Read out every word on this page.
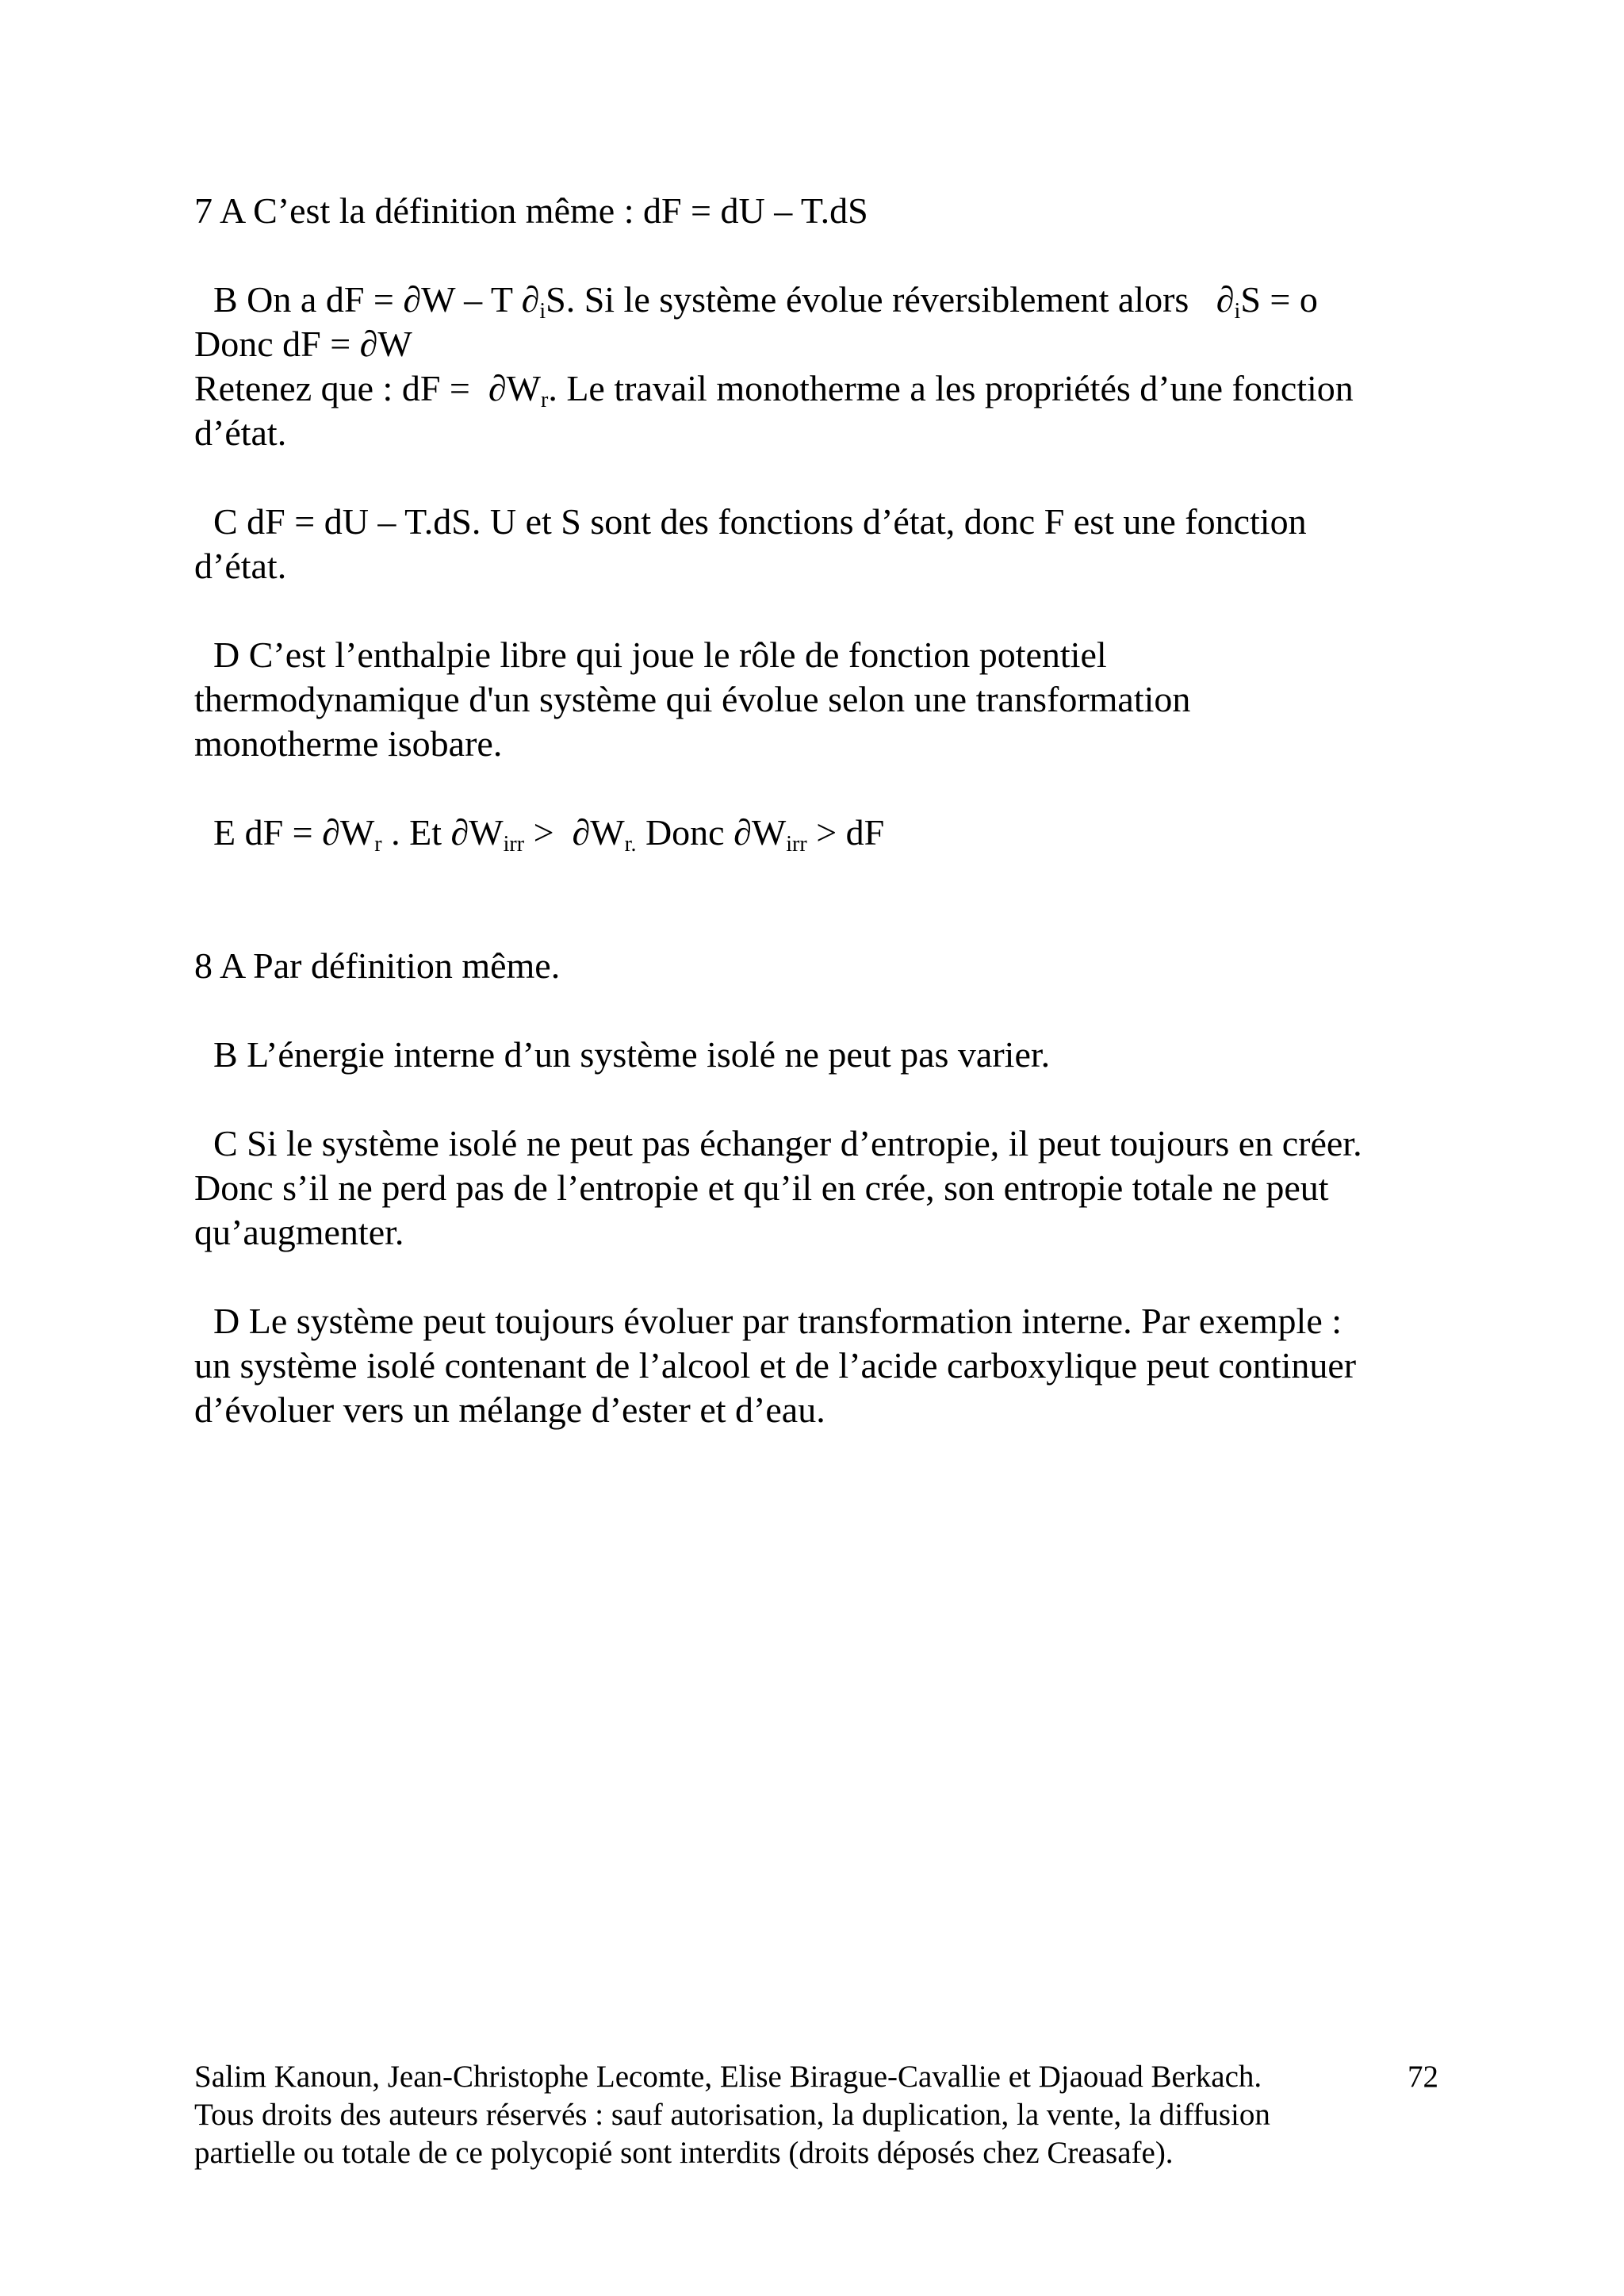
7 A C’est la définition même : dF = dU – T.dS

B On a dF = ∂W – T $\partial_iS$. Si le système évolue réversiblement alors   $\partial_iS = o$
Donc dF = ∂W
Retenez que : dF =  $\partial W_r$. Le travail monotherme a les propriétés d’une fonction
d’état.
C dF = dU – T.dS. U et S sont des fonctions d’état, donc F est une fonction
d’état.
D C’est l’enthalpie libre qui joue le rôle de fonction potentiel
thermodynamique d'un système qui évolue selon une transformation
monotherme isobare.
E dF = $\partial W_r$ . Et $\partial W_{irr} > \partial W_{r.}$ Donc $\partial W_{irr}$ > dF
8 A Par définition même.
B L’énergie interne d’un système isolé ne peut pas varier.
C Si le système isolé ne peut pas échanger d’entropie, il peut toujours en créer.
Donc s’il ne perd pas de l’entropie et qu’il en crée, son entropie totale ne peut
qu’augmenter.
D Le système peut toujours évoluer par transformation interne. Par exemple :
un système isolé contenant de l’alcool et de l’acide carboxylique peut continuer
d’évoluer vers un mélange d’ester et d’eau.

Salim Kanoun, Jean-Christophe Lecomte, Elise Birague-Cavallie et Djaouad Berkach.

Tous droits des auteurs réservés : sauf autorisation, la duplication, la vente, la diffusion

partielle ou totale de ce polycopié sont interdits (droits déposés chez Creasafe).

72
